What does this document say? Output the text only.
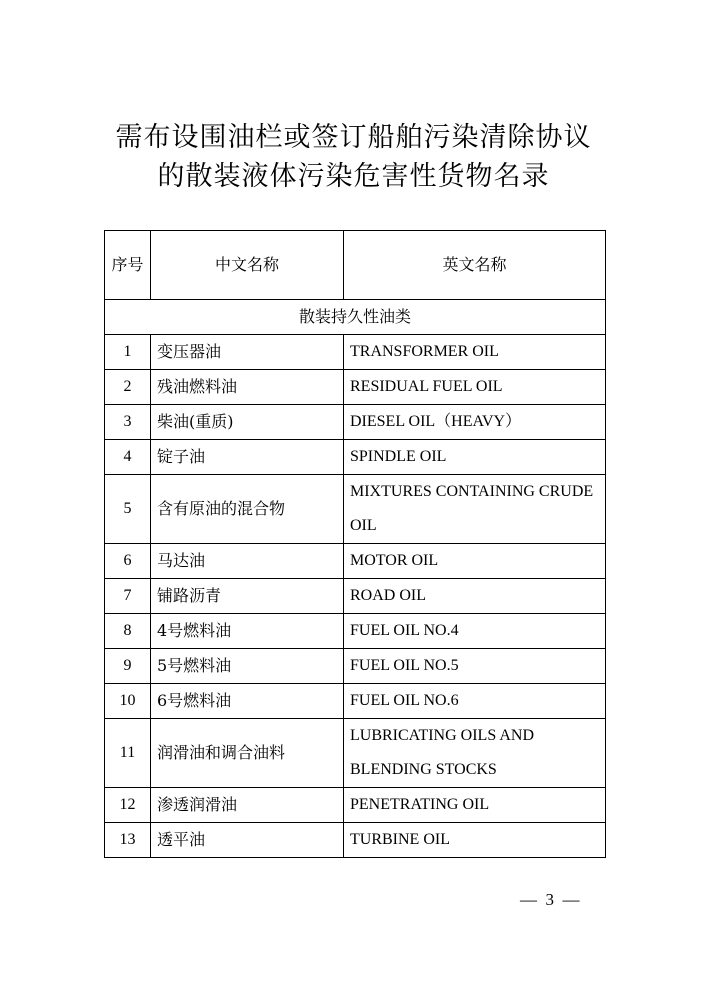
需布设围油栏或签订船舶污染清除协议
的散装液体污染危害性货物名录
序号	中文名称	英文名称
散装持久性油类		
1	变压器油	TRANSFORMER OIL
2	残油燃料油	RESIDUAL FUEL OIL
3	柴油(重质)	DIESEL OIL（HEAVY）
4	锭子油	SPINDLE OIL
5	含有原油的混合物	MIXTURES CONTAINING CRUDE OIL
6	马达油	MOTOR OIL
7	铺路沥青	ROAD OIL
8	4号燃料油	FUEL OIL NO.4
9	5号燃料油	FUEL OIL NO.5
10	6号燃料油	FUEL OIL NO.6
11	润滑油和调合油料	LUBRICATING OILS AND BLENDING STOCKS
12	渗透润滑油	PENETRATING OIL
13	透平油	TURBINE OIL
—  3  —
